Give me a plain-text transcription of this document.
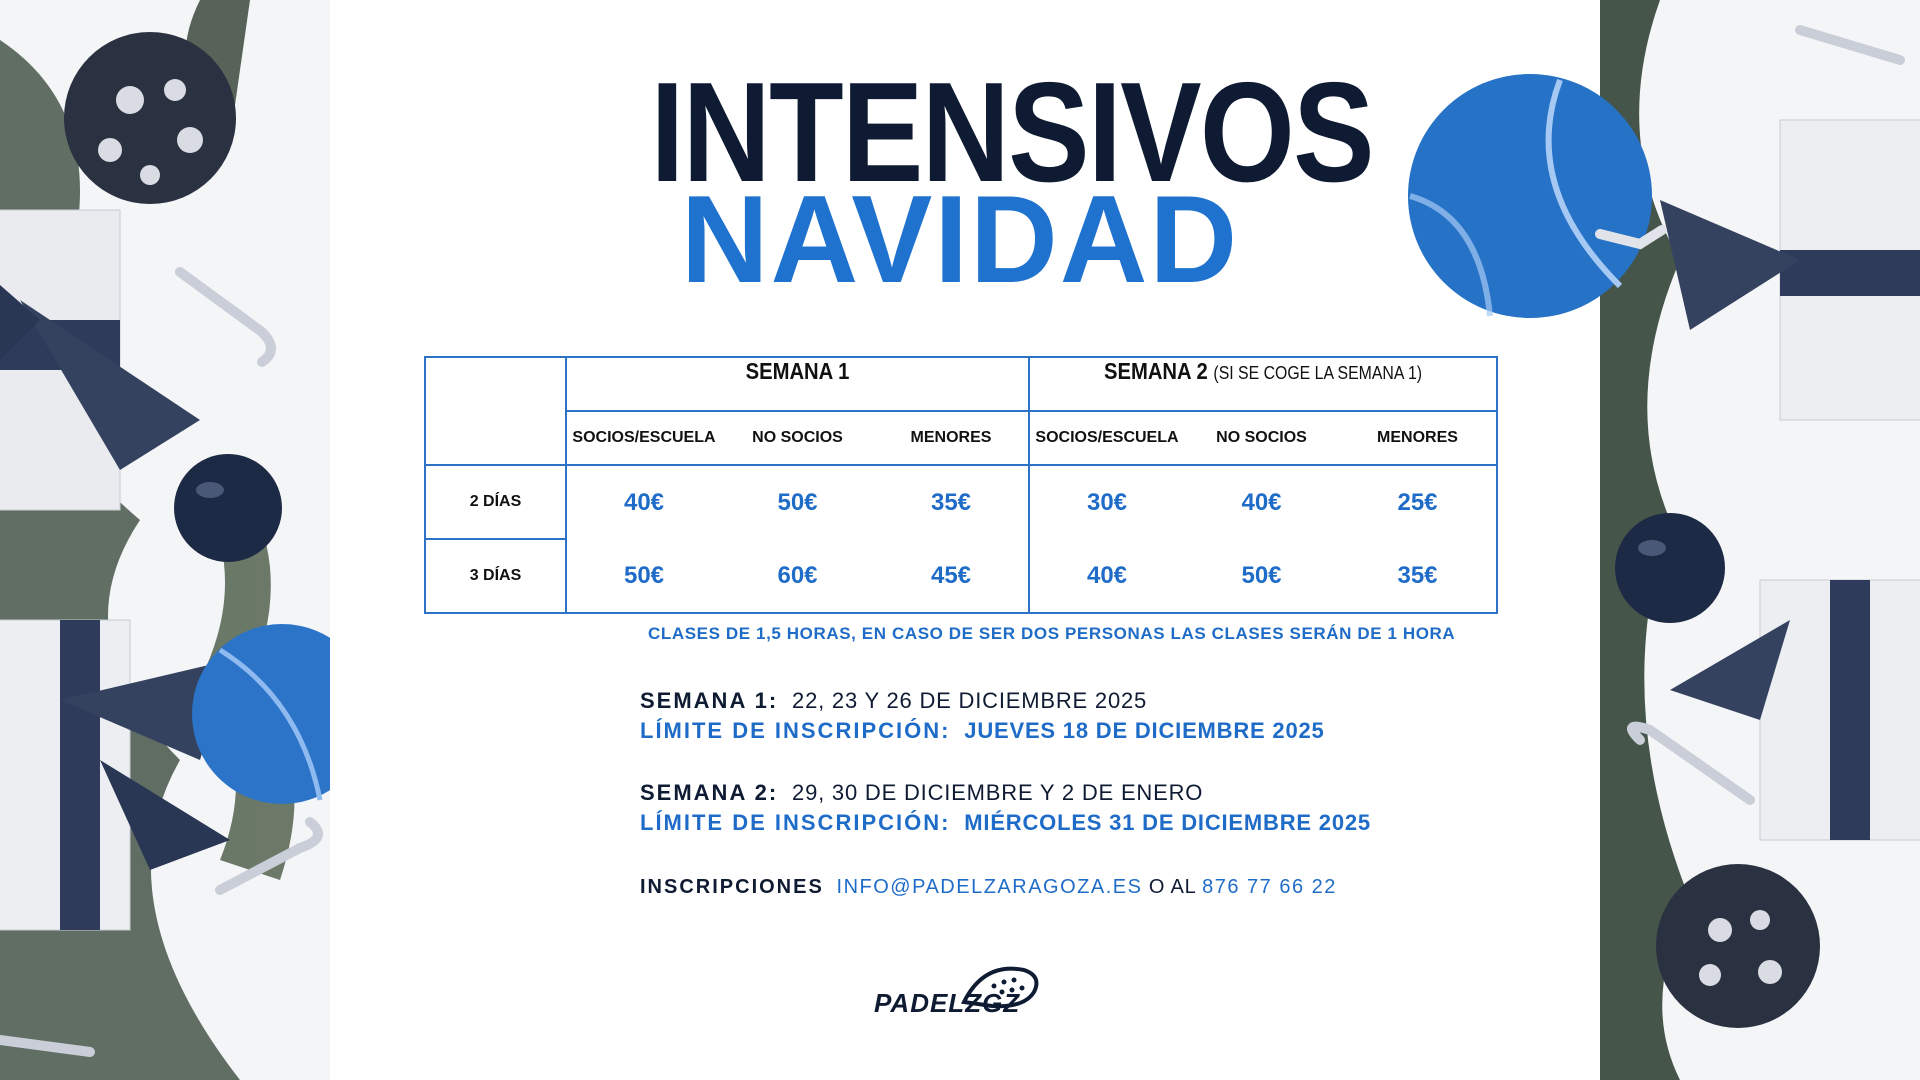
INTENSIVOS
NAVIDAD

	SEMANA 1			SEMANA 2 (SI SE COGE LA SEMANA 1)		

	SOCIOS/ESCUELA	NO SOCIOS	MENORES	SOCIOS/ESCUELA	NO SOCIOS	MENORES
2 DÍAS	40€	50€	35€	30€	40€	25€
3 DÍAS	50€	60€	45€	40€	50€	35€
CLASES DE 1,5 HORAS, EN CASO DE SER DOS PERSONAS LAS CLASES SERÁN DE 1 HORA
SEMANA 1: 22, 23 Y 26 DE DICIEMBRE 2025
LÍMITE DE INSCRIPCIÓN: JUEVES 18 DE DICIEMBRE 2025
SEMANA 2: 29, 30 DE DICIEMBRE Y 2 DE ENERO
LÍMITE DE INSCRIPCIÓN: MIÉRCOLES 31 DE DICIEMBRE 2025
INSCRIPCIONES INFO@PADELZARAGOZA.ES O AL 876 77 66 22
PADELZGZ
